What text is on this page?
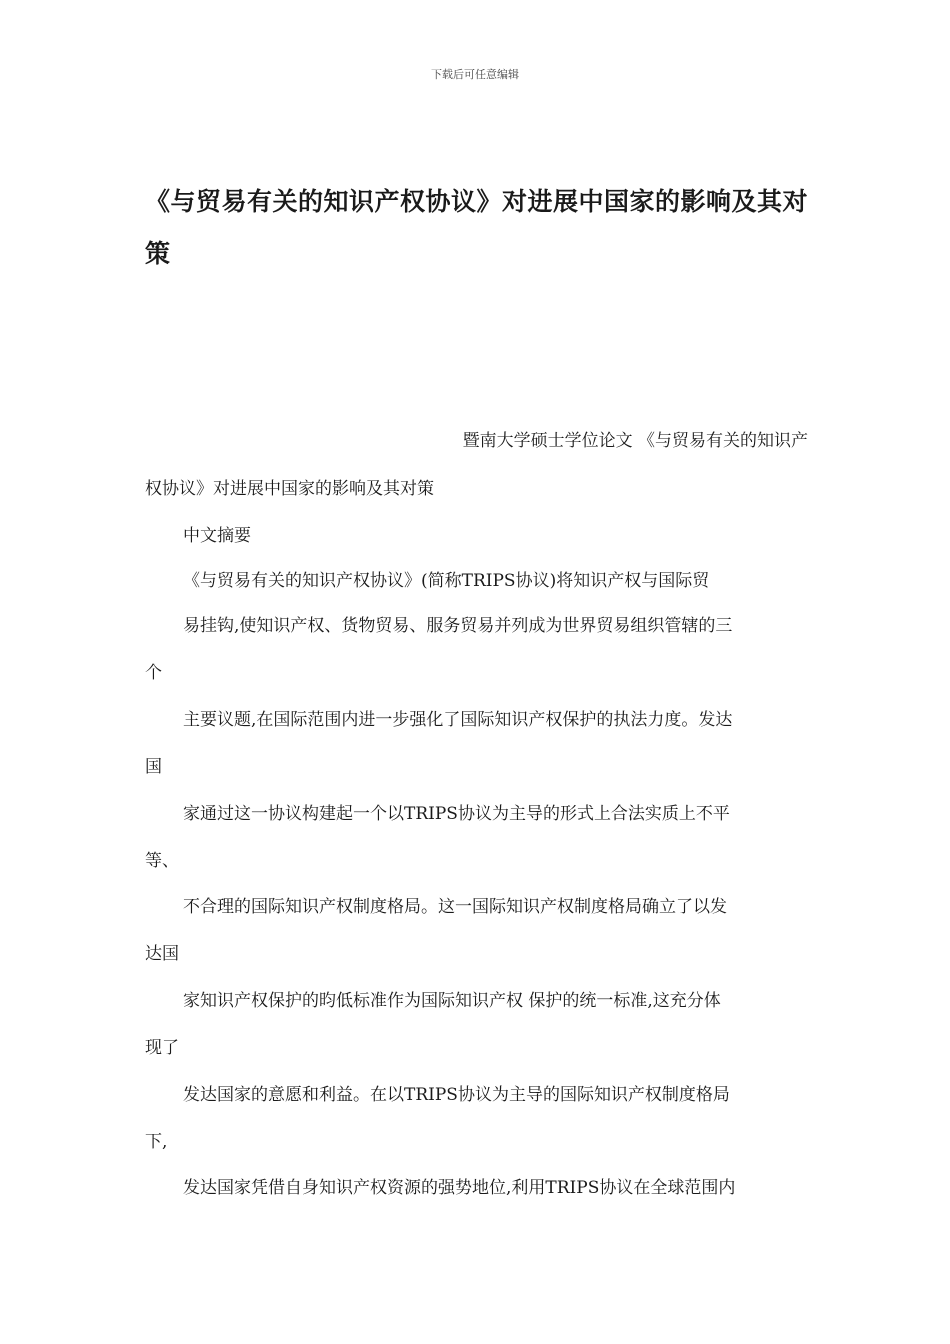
下载后可任意编辑
《与贸易有关的知识产权协议》对进展中国家的影响及其对策

暨南大学硕士学位论文 《与贸易有关的知识产

权协议》对进展中国家的影响及其对策

中文摘要

《与贸易有关的知识产权协议》(简称TRIPS协议)将知识产权与国际贸

易挂钩,使知识产权、货物贸易、服务贸易并列成为世界贸易组织管辖的三

个

主要议题,在国际范围内进一步强化了国际知识产权保护的执法力度。发达

国

家通过这一协议构建起一个以TRIPS协议为主导的形式上合法实质上不平

等、

不合理的国际知识产权制度格局。这一国际知识产权制度格局确立了以发

达国

家知识产权保护的昀低标准作为国际知识产权 保护的统一标准,这充分体

现了

发达国家的意愿和利益。在以TRIPS协议为主导的国际知识产权制度格局

下,

发达国家凭借自身知识产权资源的强势地位,利用TRIPS协议在全球范围内
